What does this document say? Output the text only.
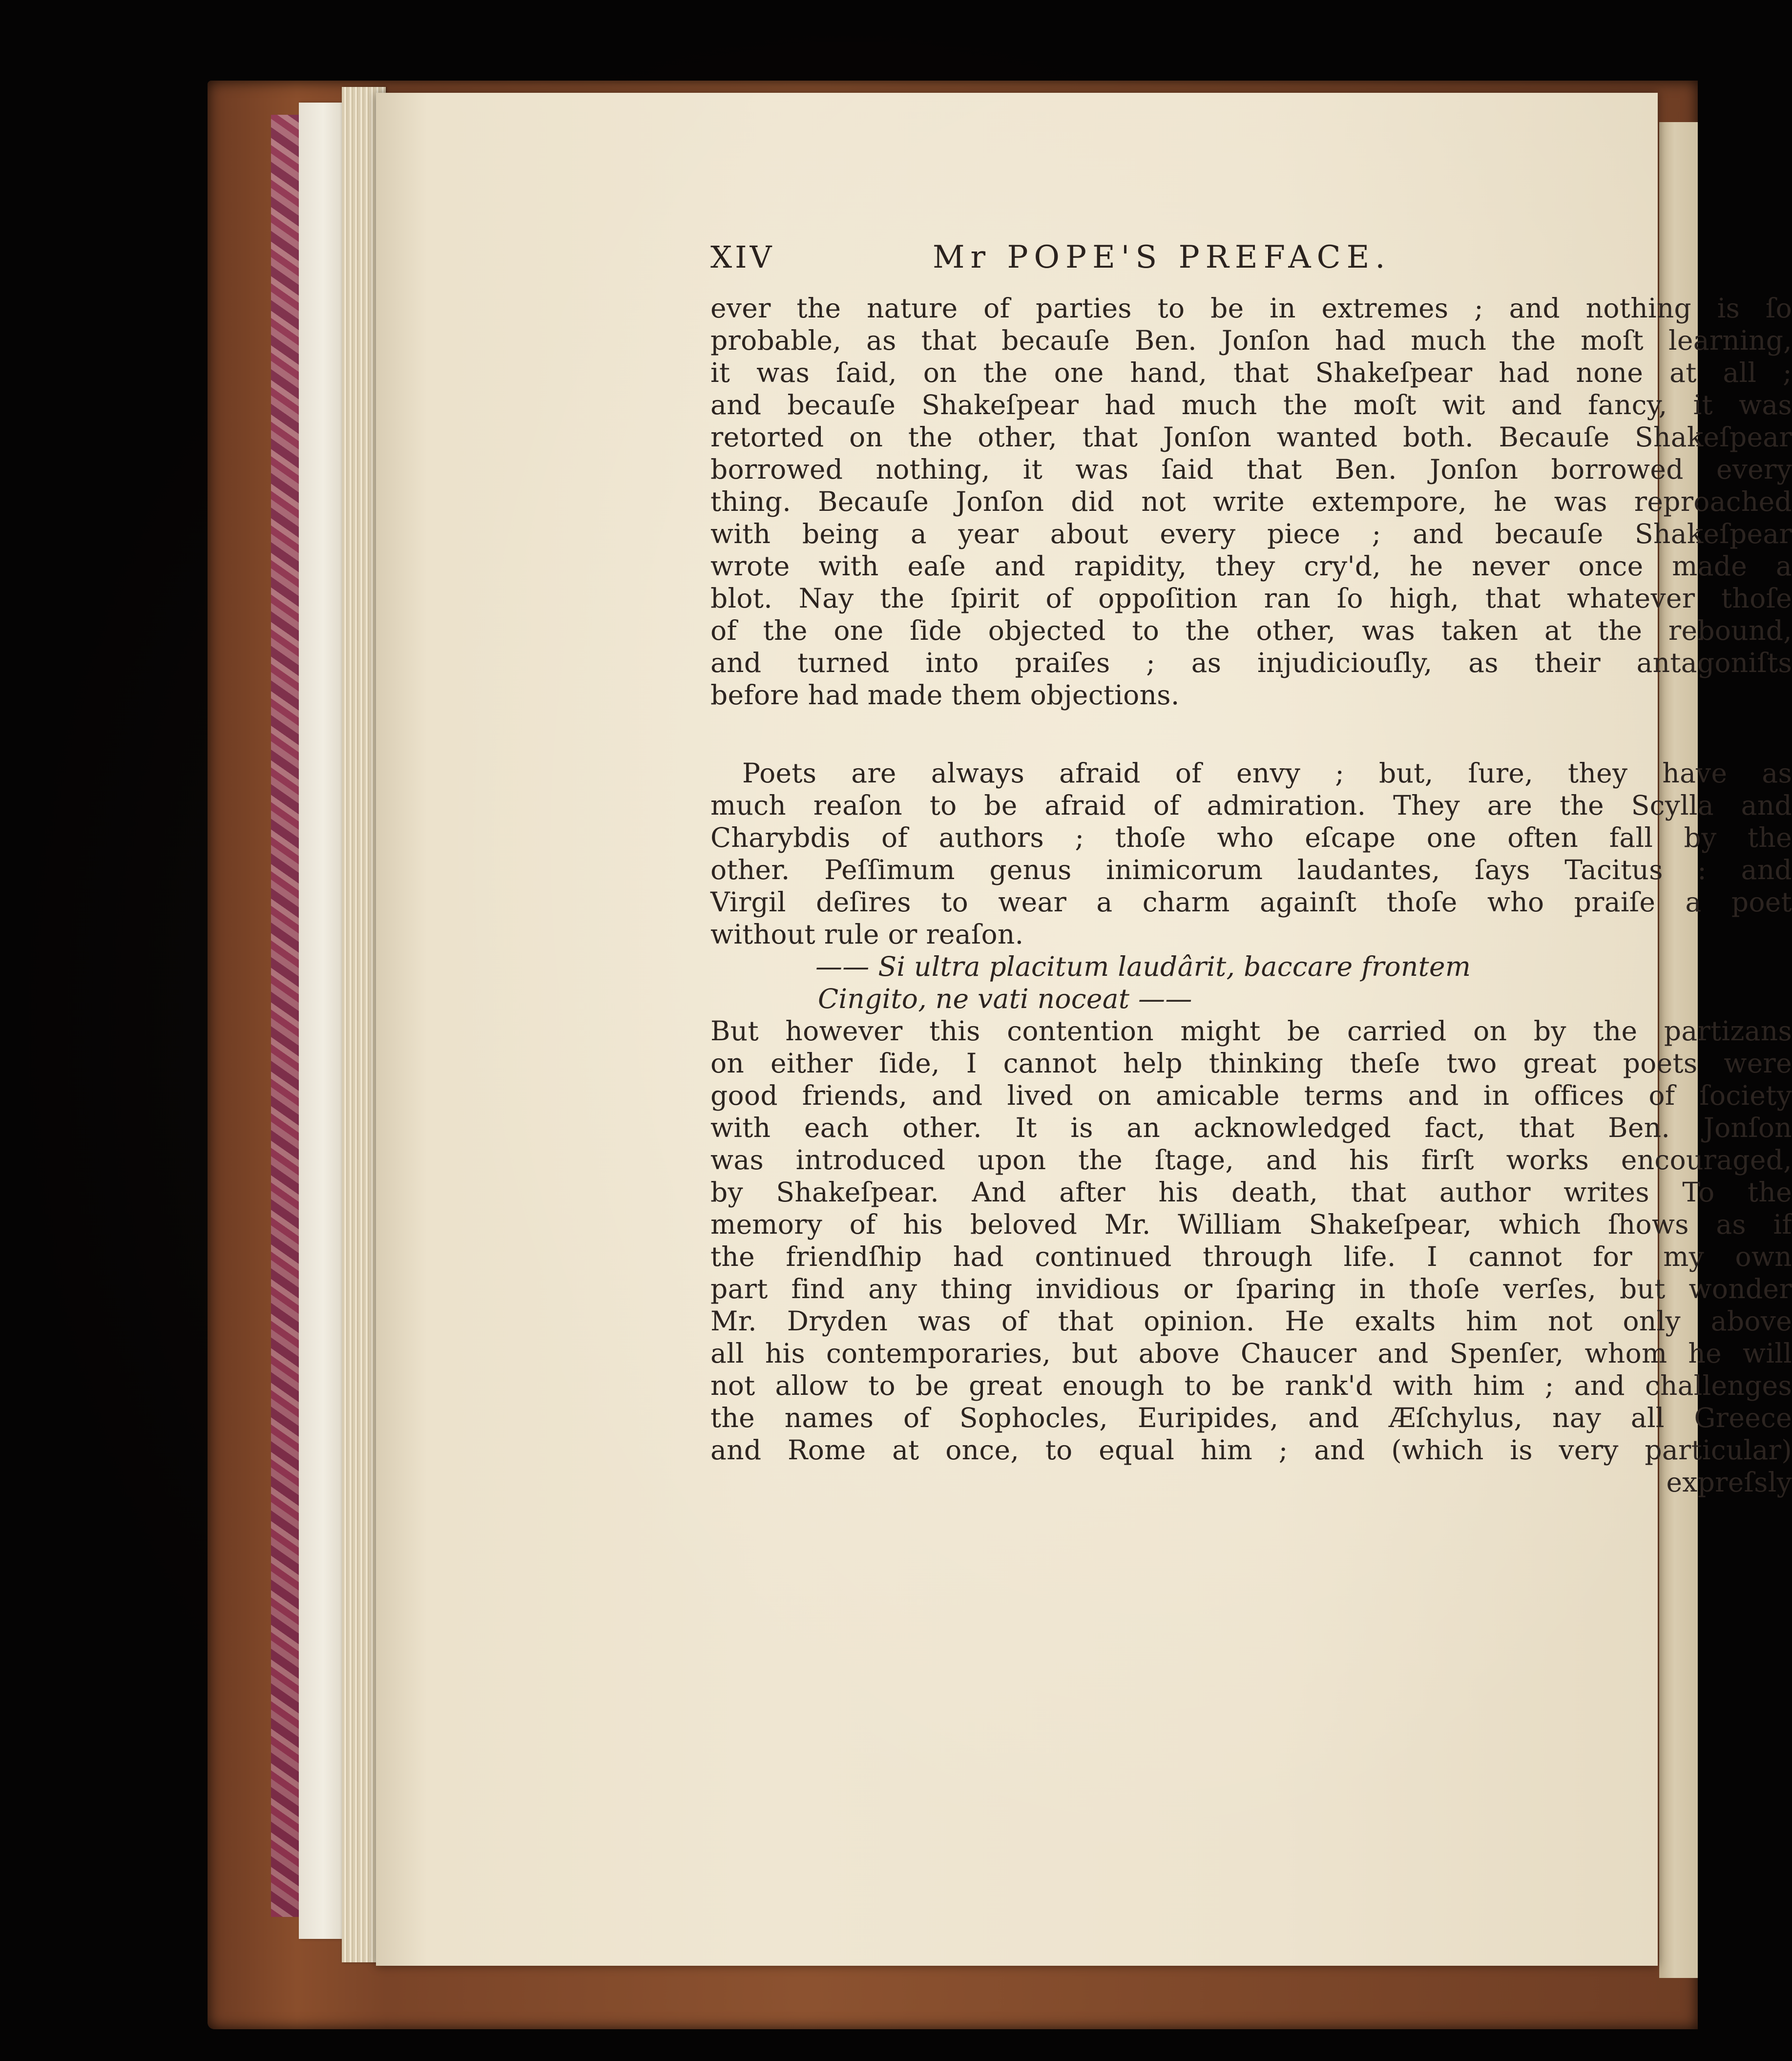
XIV	Mr POPE'S PREFACE.
ever the nature of parties to be in extremes ; and nothing is ſo
probable, as that becauſe Ben. Jonſon had much the moſt learning,
it was ſaid, on the one hand, that Shakeſpear had none at all ;
and becauſe Shakeſpear had much the moſt wit and fancy, it was
retorted on the other, that Jonſon wanted both. Becauſe Shakeſpear
borrowed nothing, it was ſaid that Ben. Jonſon borrowed every
thing. Becauſe Jonſon did not write extempore, he was reproached
with being a year about every piece ; and becauſe Shakeſpear
wrote with eaſe and rapidity, they cry'd, he never once made a
blot. Nay the ſpirit of oppoſition ran ſo high, that whatever thoſe
of the one ſide objected to the other, was taken at the rebound,
and turned into praiſes ; as injudiciouſly, as their antagoniſts
before had made them objections.
Poets are always afraid of envy ; but, ſure, they have as
much reaſon to be afraid of admiration. They are the Scylla and
Charybdis of authors ; thoſe who eſcape one often fall by the
other. Peſſimum genus inimicorum laudantes, ſays Tacitus : and
Virgil deſires to wear a charm againſt thoſe who praiſe a poet
without rule or reaſon.
—— Si ultra placitum laudârit, baccare frontem
Cingito, ne vati noceat ——
But however this contention might be carried on by the partizans
on either ſide, I cannot help thinking theſe two great poets were
good friends, and lived on amicable terms and in offices of ſociety
with each other. It is an acknowledged fact, that Ben. Jonſon
was introduced upon the ſtage, and his firſt works encouraged,
by Shakeſpear. And after his death, that author writes To the
memory of his beloved Mr. William Shakeſpear, which ſhows as if
the friendſhip had continued through life. I cannot for my own
part find any thing invidious or ſparing in thoſe verſes, but wonder
Mr. Dryden was of that opinion. He exalts him not only above
all his contemporaries, but above Chaucer and Spenſer, whom he will
not allow to be great enough to be rank'd with him ; and challenges
the names of Sophocles, Euripides, and Æſchylus, nay all Greece
and Rome at once, to equal him ; and (which is very particular)
expreſsly
